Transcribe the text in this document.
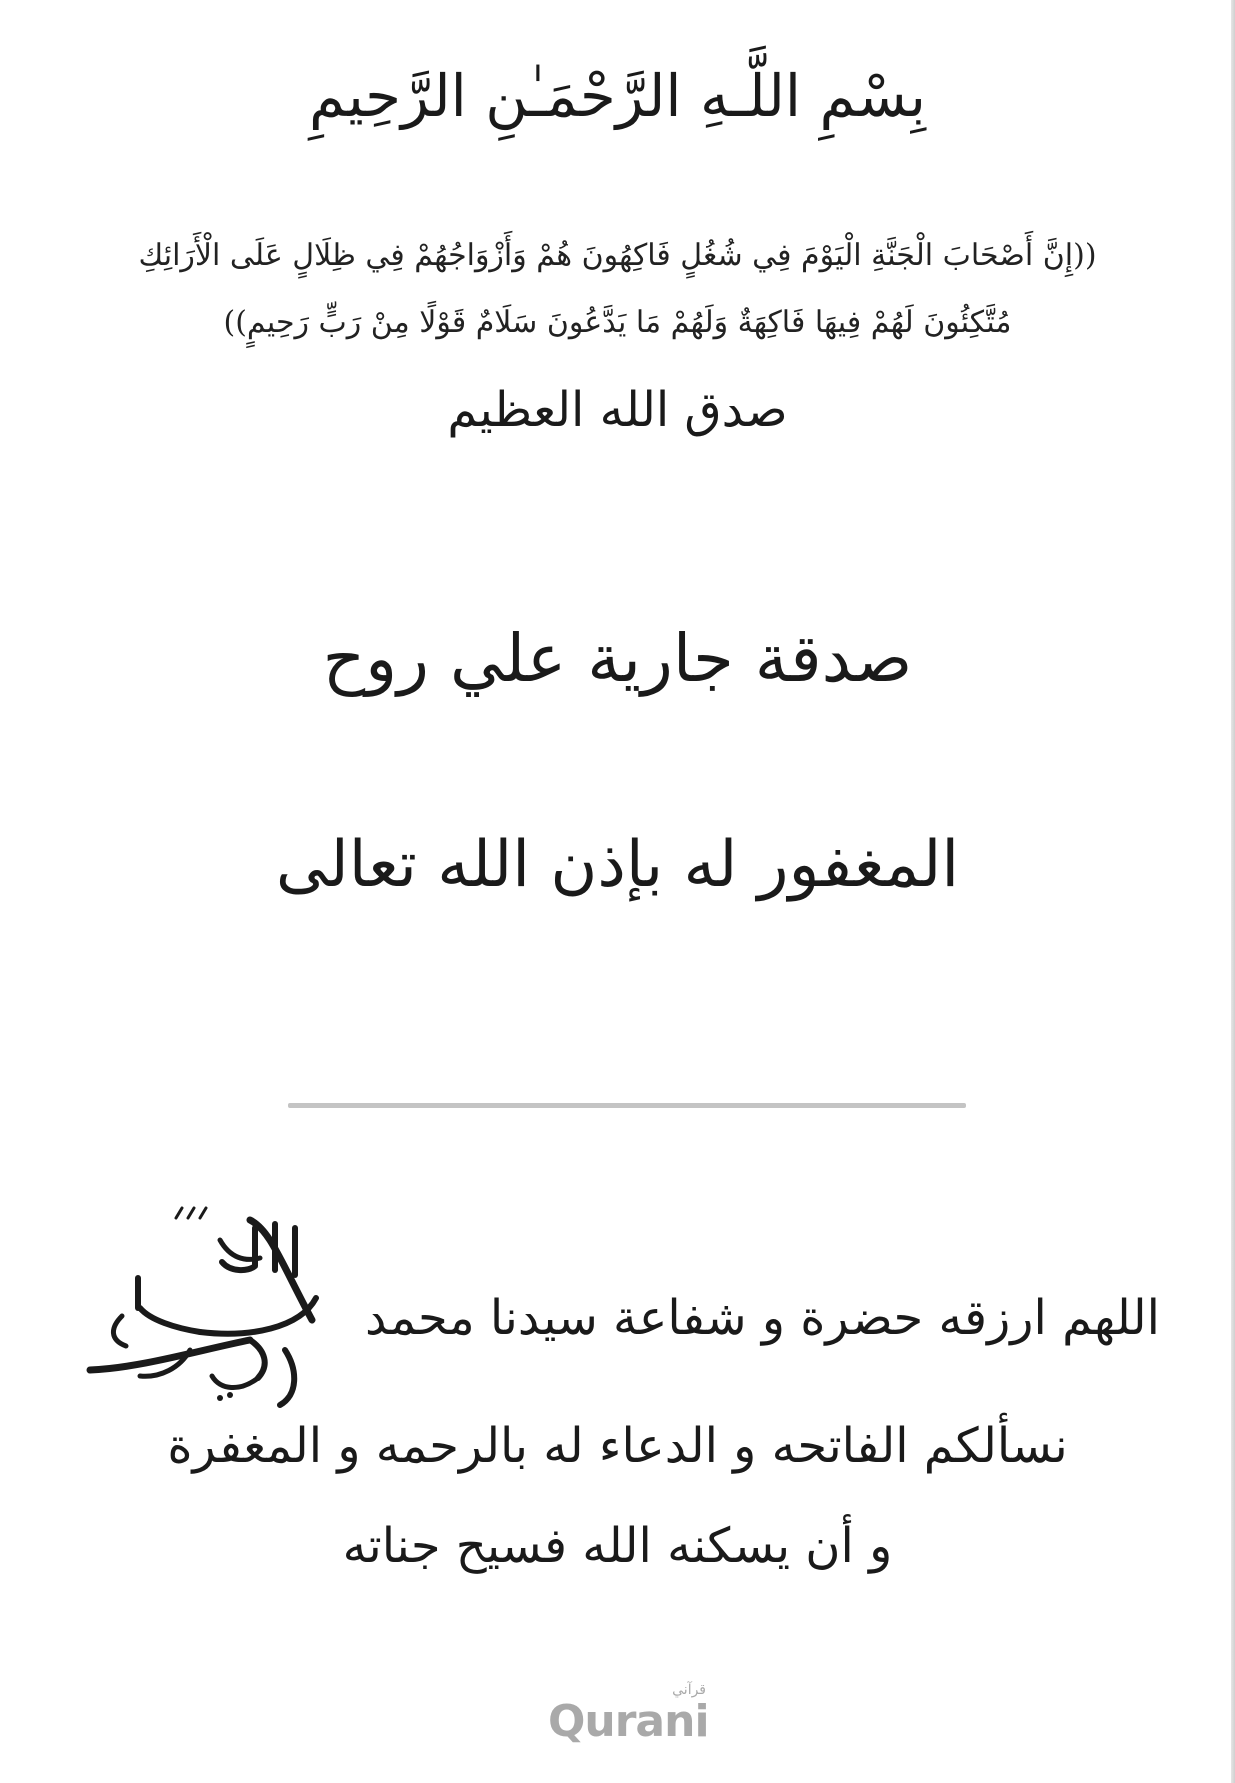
بِسْمِ اللَّـهِ الرَّحْمَـٰنِ الرَّحِيمِ
((إِنَّ أَصْحَابَ الْجَنَّةِ الْيَوْمَ فِي شُغُلٍ فَاكِهُونَ هُمْ وَأَزْوَاجُهُمْ فِي ظِلَالٍ عَلَى الْأَرَائِكِ
مُتَّكِئُونَ لَهُمْ فِيهَا فَاكِهَةٌ وَلَهُمْ مَا يَدَّعُونَ سَلَامٌ قَوْلًا مِنْ رَبٍّ رَحِيمٍ))
صدق الله العظيم
صدقة جارية علي روح
المغفور له بإذن الله تعالى
اللهم ارزقه حضرة و شفاعة سيدنا محمد
نسألكم الفاتحه و الدعاء له بالرحمه و المغفرة
و أن يسكنه الله فسيح جناته
قرآني
Qurani
